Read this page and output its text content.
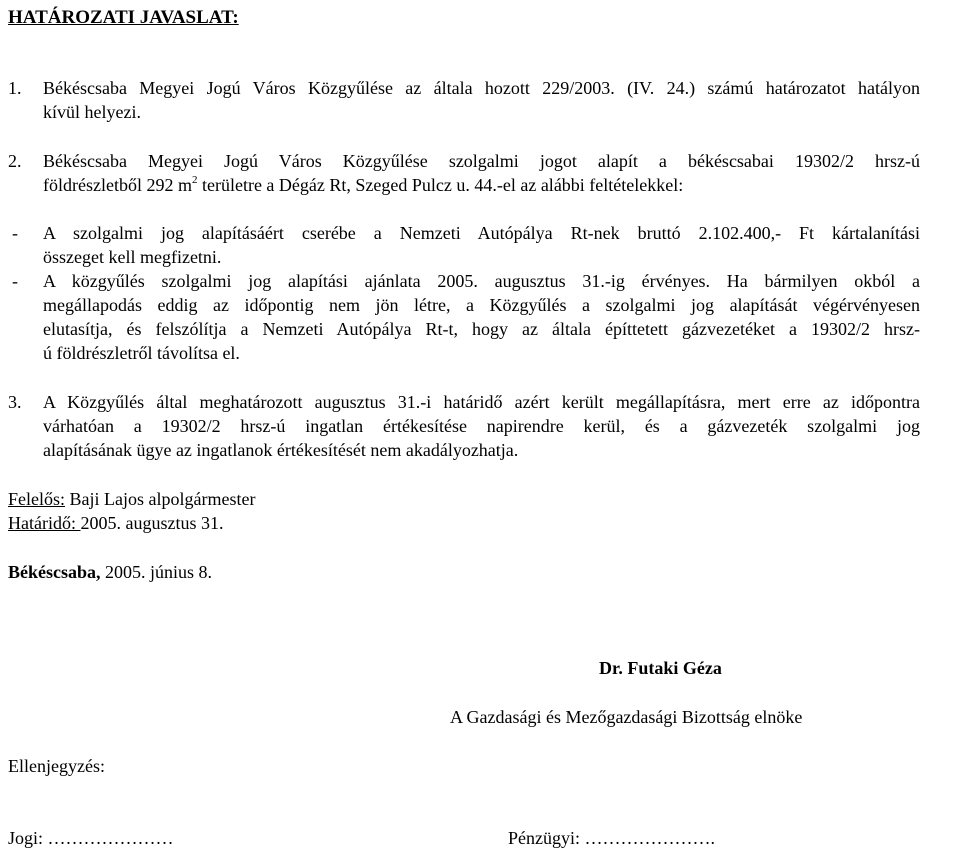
HATÁROZATI JAVASLAT:
1. Békéscsaba Megyei Jogú Város Közgyűlése az általa hozott 229/2003. (IV. 24.) számú határozatot hatályon
kívül helyezi.
2. Békéscsaba Megyei Jogú Város Közgyűlése szolgalmi jogot alapít a békéscsabai 19302/2 hrsz-ú
földrészletből 292 $m^2$ területre a Dégáz Rt, Szeged Pulcz u. 44.-el az alábbi feltételekkel:
- A szolgalmi jog alapításáért cserébe a Nemzeti Autópálya Rt-nek bruttó 2.102.400,- Ft kártalanítási
összeget kell megfizetni.
- A közgyűlés szolgalmi jog alapítási ajánlata 2005. augusztus 31.-ig érvényes. Ha bármilyen okból a
megállapodás eddig az időpontig nem jön létre, a Közgyűlés a szolgalmi jog alapítását végérvényesen
elutasítja, és felszólítja a Nemzeti Autópálya Rt-t, hogy az általa építtetett gázvezetéket a 19302/2 hrsz-
ú földrészletről távolítsa el.
3. A Közgyűlés által meghatározott augusztus 31.-i határidő azért került megállapításra, mert erre az időpontra
várhatóan a 19302/2 hrsz-ú ingatlan értékesítése napirendre kerül, és a gázvezeték szolgalmi jog
alapításának ügye az ingatlanok értékesítését nem akadályozhatja.
Felelős: Baji Lajos alpolgármester
Határidő: 2005. augusztus 31.
Békéscsaba, 2005. június 8.
Dr. Futaki Géza
A Gazdasági és Mezőgazdasági Bizottság elnöke
Ellenjegyzés:
Jogi: …………………	Pénzügyi: ………………….
